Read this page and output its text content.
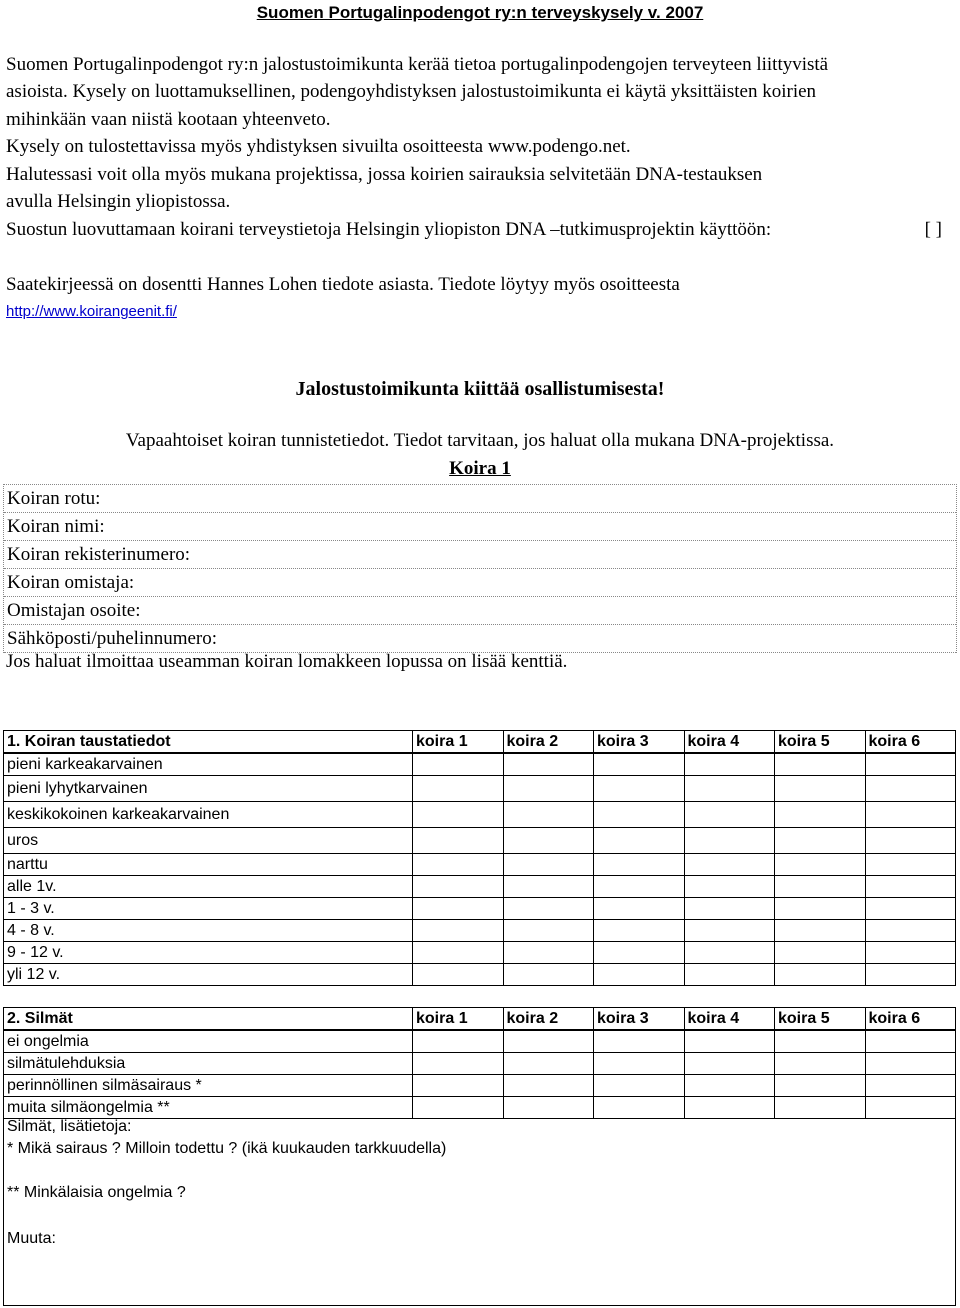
Suomen Portugalinpodengot ry:n terveyskysely v. 2007
Suomen Portugalinpodengot ry:n jalostustoimikunta kerää tietoa portugalinpodengojen terveyteen liittyvistä
asioista. Kysely on luottamuksellinen, podengoyhdistyksen jalostustoimikunta ei käytä yksittäisten koirien
mihinkään vaan niistä kootaan yhteenveto.
Kysely on tulostettavissa myös yhdistyksen sivuilta osoitteesta www.podengo.net.
Halutessasi voit olla myös mukana projektissa, jossa koirien sairauksia selvitetään DNA-testauksen
avulla Helsingin yliopistossa.
Suostun luovuttamaan koirani terveystietoja Helsingin yliopiston DNA –tutkimusprojektin käyttöön:	[ ]
Saatekirjeessä on dosentti Hannes Lohen tiedote asiasta. Tiedote löytyy myös osoitteesta
http://www.koirangeenit.fi/
Jalostustoimikunta kiittää osallistumisesta!
Vapaahtoiset koiran tunnistetiedot. Tiedot tarvitaan, jos haluat olla mukana DNA-projektissa.
Koira 1
Koiran rotu:
Koiran nimi:
Koiran rekisterinumero:
Koiran omistaja:
Omistajan osoite:
Sähköposti/puhelinnumero:
Jos haluat ilmoittaa useamman koiran lomakkeen lopussa on lisää kenttiä.
1. Koiran taustatiedot	koira 1	koira 2	koira 3	koira 4	koira 5	koira 6
pieni karkeakarvainen						
pieni lyhytkarvainen						
keskikokoinen karkeakarvainen						
uros						
narttu						
alle 1v.						
1 - 3 v.						
4 - 8 v.						
9 - 12 v.						
yli 12 v.						
2. Silmät	koira 1	koira 2	koira 3	koira 4	koira 5	koira 6
ei ongelmia						
silmätulehduksia						
perinnöllinen silmäsairaus *						
muita silmäongelmia **						
Silmät, lisätietoja:
* Mikä sairaus ? Milloin todettu ? (ikä kuukauden tarkkuudella)
** Minkälaisia ongelmia ?
Muuta:
